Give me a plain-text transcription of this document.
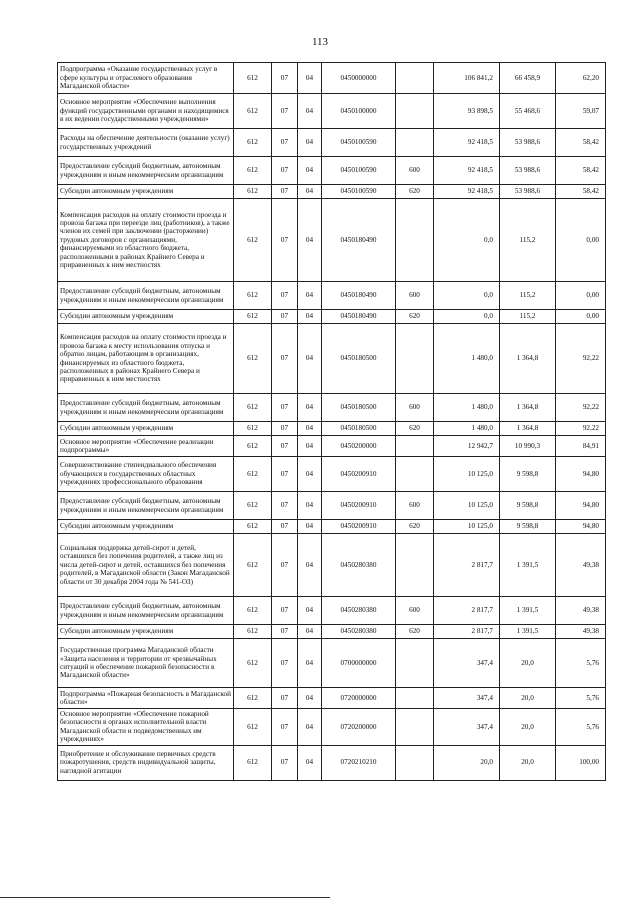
113
Подпрограмма «Оказание государственных услуг в сфере культуры и отраслевого образования Магаданской области»	612	07	04	0450000000		106 841,2	66 458,9	62,20
Основное мероприятие «Обеспечение выполнения функций государственными органами и находящимися в их ведении государственными учреждениями»	612	07	04	0450100000		93 898,5	55 468,6	59,07
Расходы на обеспечение деятельности (оказание услуг) государственных учреждений	612	07	04	0450100590		92 418,5	53 988,6	58,42
Предоставление субсидий бюджетным, автономным учреждениям и иным некоммерческим организациям	612	07	04	0450100590	600	92 418,5	53 988,6	58,42
Субсидии автономным учреждениям	612	07	04	0450100590	620	92 418,5	53 988,6	58,42
Компенсация расходов на оплату стоимости проезда и провоза багажа при переезде лиц (работников), а также членов их семей при заключении (расторжении) трудовых договоров с организациями, финансируемыми из областного бюджета, расположенными в районах Крайнего Севера и приравненных к ним местностях	612	07	04	0450180490		0,0	115,2	0,00
Предоставление субсидий бюджетным, автономным учреждениям и иным некоммерческим организациям	612	07	04	0450180490	600	0,0	115,2	0,00
Субсидии автономным учреждениям	612	07	04	0450180490	620	0,0	115,2	0,00
Компенсация расходов на оплату стоимости проезда и провоза багажа к месту использования отпуска и обратно лицам, работающим в организациях, финансируемых из областного бюджета, расположенных в районах Крайнего Севера и приравненных к ним местностях	612	07	04	0450180500		1 480,0	1 364,8	92,22
Предоставление субсидий бюджетным, автономным учреждениям и иным некоммерческим организациям	612	07	04	0450180500	600	1 480,0	1 364,8	92,22
Субсидии автономным учреждениям	612	07	04	0450180500	620	1 480,0	1 364,8	92,22
Основное мероприятие «Обеспечение реализации подпрограммы»	612	07	04	0450200000		12 942,7	10 990,3	84,91
Совершенствование стипендиального обеспечения обучающихся в государственных областных учреждениях профессионального образования	612	07	04	0450200910		10 125,0	9 598,8	94,80
Предоставление субсидий бюджетным, автономным учреждениям и иным некоммерческим организациям	612	07	04	0450200910	600	10 125,0	9 598,8	94,80
Субсидии автономным учреждениям	612	07	04	0450200910	620	10 125,0	9 598,8	94,80
Социальная поддержка детей-сирот и детей, оставшихся без попечения родителей, а также лиц из числа детей-сирот и детей, оставшихся без попечения родителей, в Магаданской области (Закон Магаданской области от 30 декабря 2004 года № 541-ОЗ)	612	07	04	0450280380		2 817,7	1 391,5	49,38
Предоставление субсидий бюджетным, автономным учреждениям и иным некоммерческим организациям	612	07	04	0450280380	600	2 817,7	1 391,5	49,38
Субсидии автономным учреждениям	612	07	04	0450280380	620	2 817,7	1 391,5	49,38
Государственная программа Магаданской области «Защита населения и территории от чрезвычайных ситуаций и обеспечение пожарной безопасности в Магаданской области»	612	07	04	0700000000		347,4	20,0	5,76
Подпрограмма «Пожарная безопасность в Магаданской области»	612	07	04	0720000000		347,4	20,0	5,76
Основное мероприятие «Обеспечение пожарной безопасности в органах исполнительной власти Магаданской области и подведомственных им учреждениях»	612	07	04	0720200000		347,4	20,0	5,76
Приобретение и обслуживание первичных средств пожаротушения, средств индивидуальной защиты, наглядной агитации	612	07	04	0720210210		20,0	20,0	100,00
